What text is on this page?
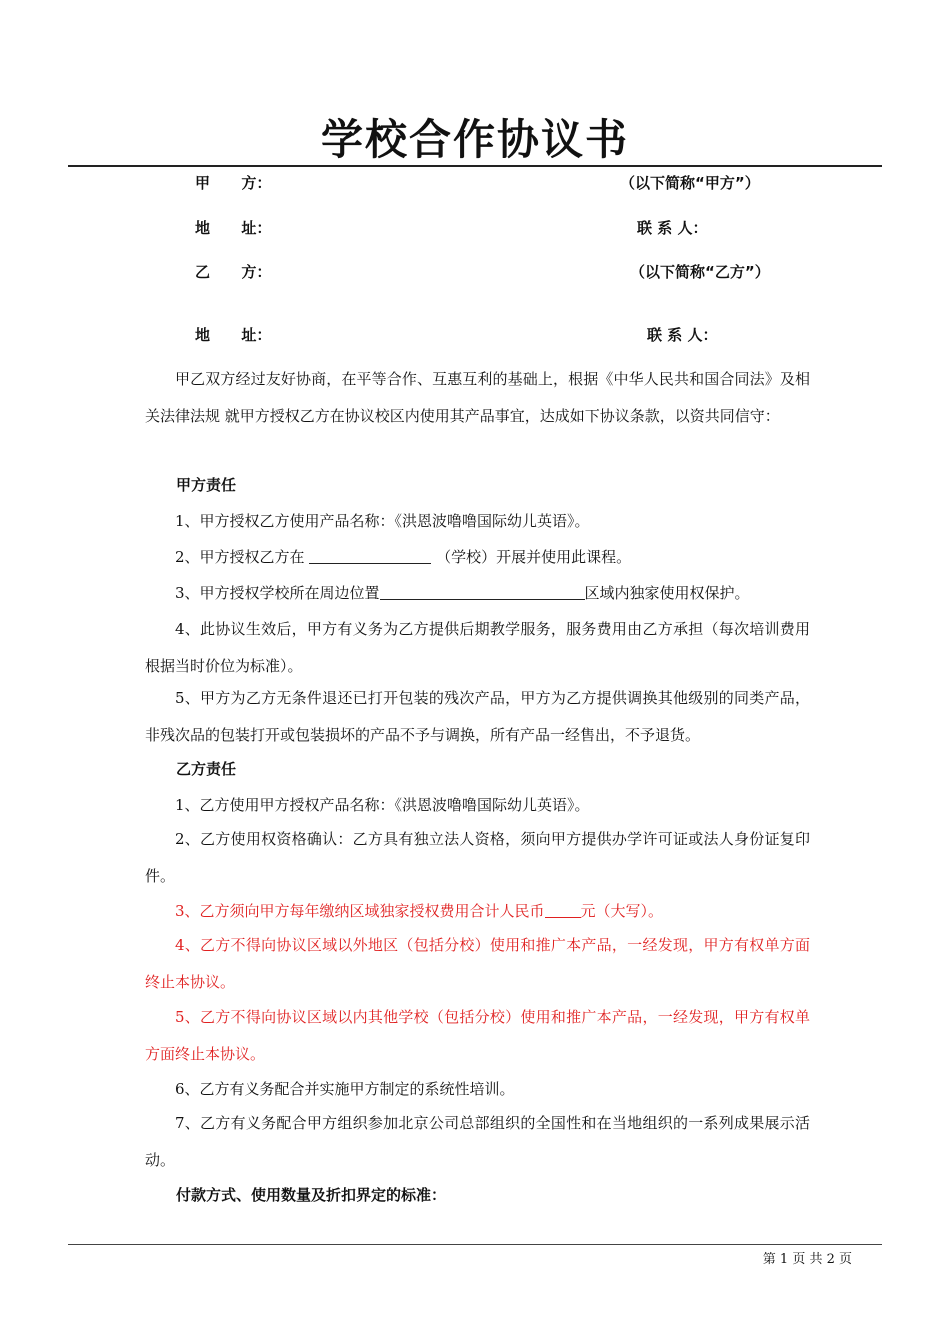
学校合作协议书
甲      方：	（以下简称“甲方”）
地      址：	联 系 人：
乙      方：	（以下简称“乙方”）
地      址：	联 系 人：
甲乙双方经过友好协商，在平等合作、互惠互利的基础上，根据《中华人民共和国合同法》及相关法律法规 就甲方授权乙方在协议校区内使用其产品事宜，达成如下协议条款，以资共同信守：
甲方责任
1、甲方授权乙方使用产品名称：《洪恩波噜噜国际幼儿英语》。
2、甲方授权乙方在	（学校）开展并使用此课程。
3、甲方授权学校所在周边位置	区域内独家使用权保护。
4、此协议生效后，甲方有义务为乙方提供后期教学服务，服务费用由乙方承担（每次培训费用根据当时价位为标准）。
5、甲方为乙方无条件退还已打开包装的残次产品，甲方为乙方提供调换其他级别的同类产品，非残次品的包装打开或包装损坏的产品不予与调换，所有产品一经售出，不予退货。
乙方责任
1、乙方使用甲方授权产品名称：《洪恩波噜噜国际幼儿英语》。
2、乙方使用权资格确认：乙方具有独立法人资格，须向甲方提供办学许可证或法人身份证复印件。
3、乙方须向甲方每年缴纳区域独家授权费用合计人民币 元（大写）。
4、乙方不得向协议区域以外地区（包括分校）使用和推广本产品，一经发现，甲方有权单方面终止本协议。
5、乙方不得向协议区域以内其他学校（包括分校）使用和推广本产品，一经发现，甲方有权单方面终止本协议。
6、乙方有义务配合并实施甲方制定的系统性培训。
7、乙方有义务配合甲方组织参加北京公司总部组织的全国性和在当地组织的一系列成果展示活动。
付款方式、使用数量及折扣界定的标准：
第 1 页 共 2 页
